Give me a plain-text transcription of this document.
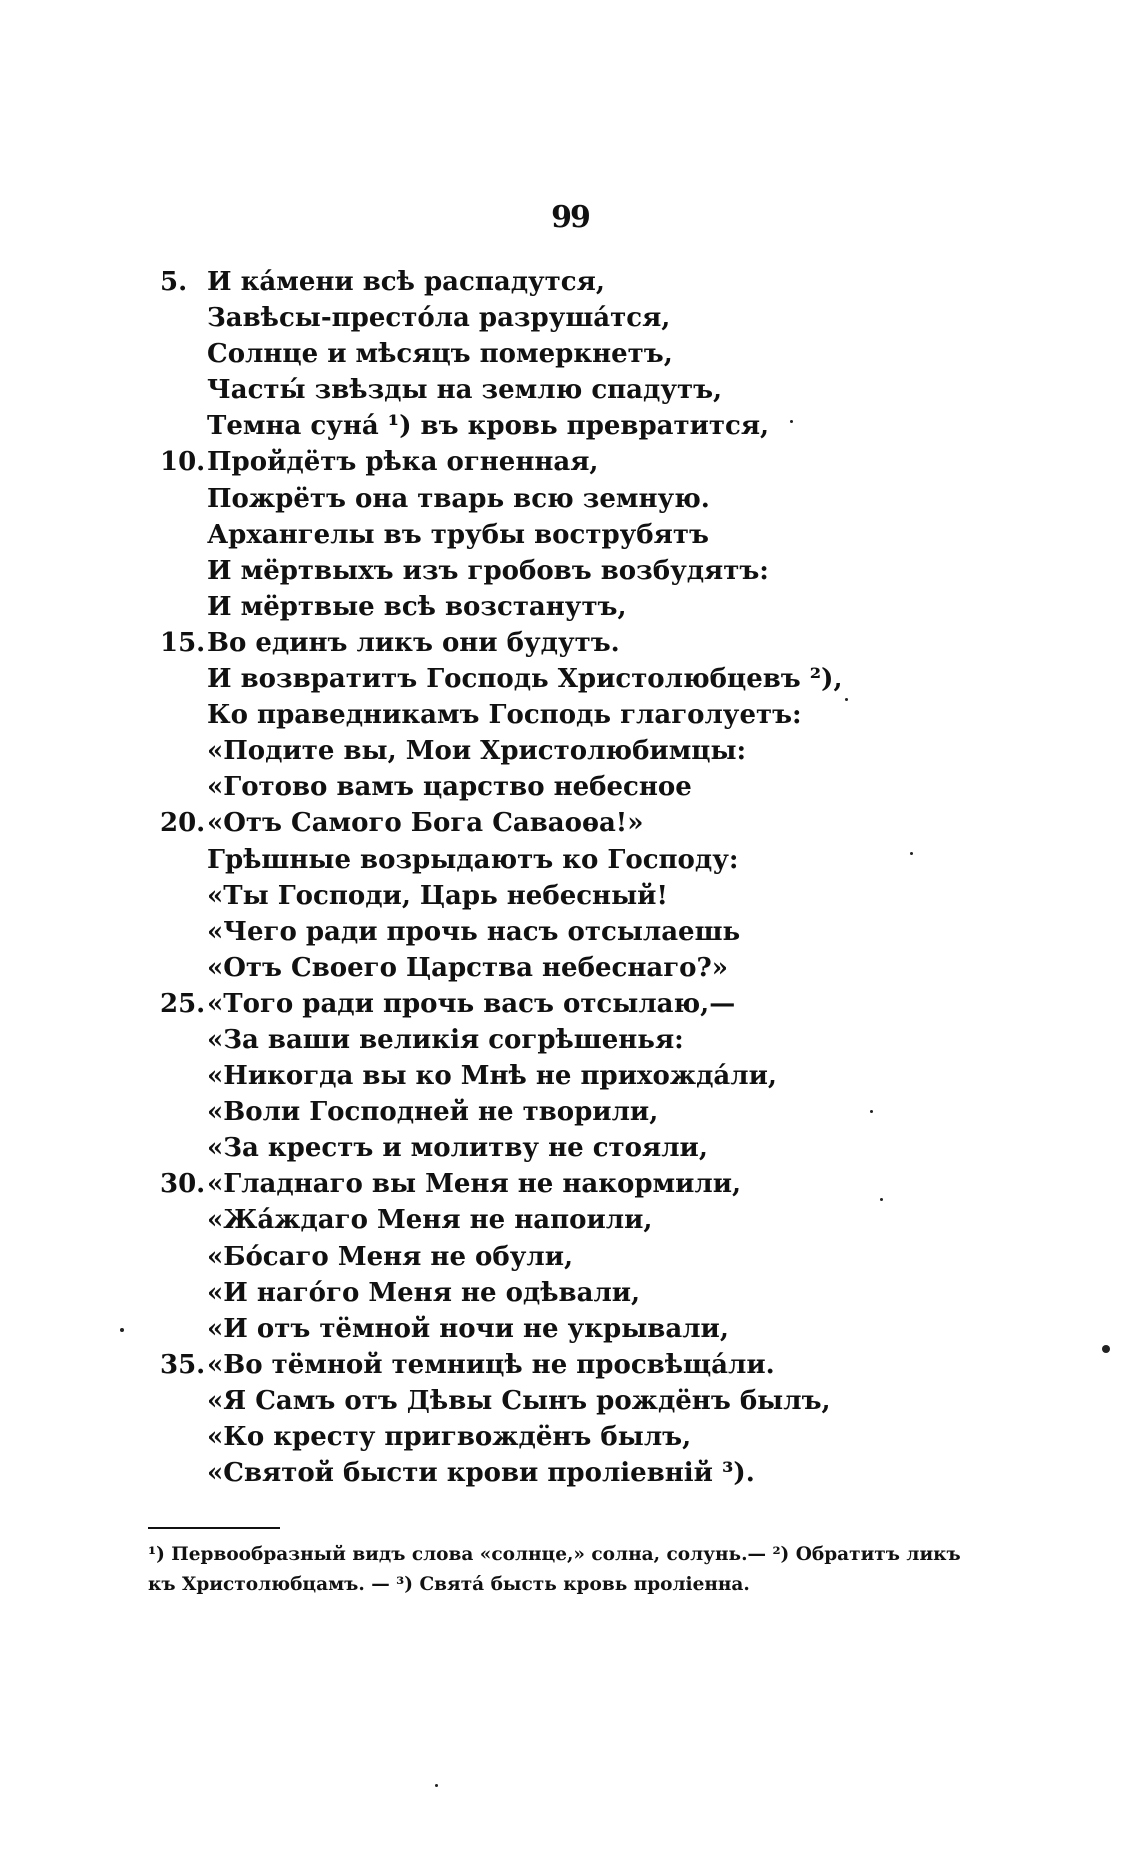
99
5. И ка́мени вс‍ѣ распадутся,
Зав‍ѣсы-престо́ла разруша́тся,
Солнце и м‍ѣсяцъ померкнетъ,
Часты́ зв‍ѣзды на землю спадутъ,
Темна суна́ ¹) въ кровь превратится,
10. Пройдётъ р‍ѣка огненная,
Пожрётъ она тварь всю земную.
Архангелы въ трубы вострубятъ
И мёртвыхъ изъ гробовъ возбудятъ:
И мёртвые вс‍ѣ возстанутъ,
15. Во единъ ликъ они будутъ.
И возвратитъ Господь Христолюбцевъ ²),
Ко праведникамъ Господь глаголуетъ:
«Подите вы, Мои Христолюбимцы:
«Готово вамъ царство небесное
20. «Отъ Самого Бога Саваоѳа!»
Гр‍ѣшные возрыдаютъ ко Господу:
«Ты Господи, Царь небесный!
«Чего ради прочь насъ отсылаешь
«Отъ Своего Царства небеснаго?»
25. «Того ради прочь васъ отсылаю,—
«За ваши великія согр‍ѣшенья:
«Никогда вы ко Мн‍ѣ не прихожда́ли,
«Воли Господней не творили,
«За крестъ и молитву не стояли,
30. «Гладнаго вы Меня не накормили,
«Жа́ждаго Меня не напоили,
«Бо́саго Меня не обули,
«И наго́го Меня не од‍ѣвали,
«И отъ тёмной ночи не укрывали,
35. «Во тёмной темниц‍ѣ не просв‍ѣща́ли.
«Я Самъ отъ Д‍ѣвы Сынъ рождёнъ былъ,
«Ко кресту пригвождёнъ былъ,
«Святой бысти крови проліевній ³).
¹) Первообразный видъ слова «солнце,» солна, солунь.— ²) Обратитъ ликъ
къ Христолюбцамъ. — ³) Свята́ бысть кровь пролiенна.
